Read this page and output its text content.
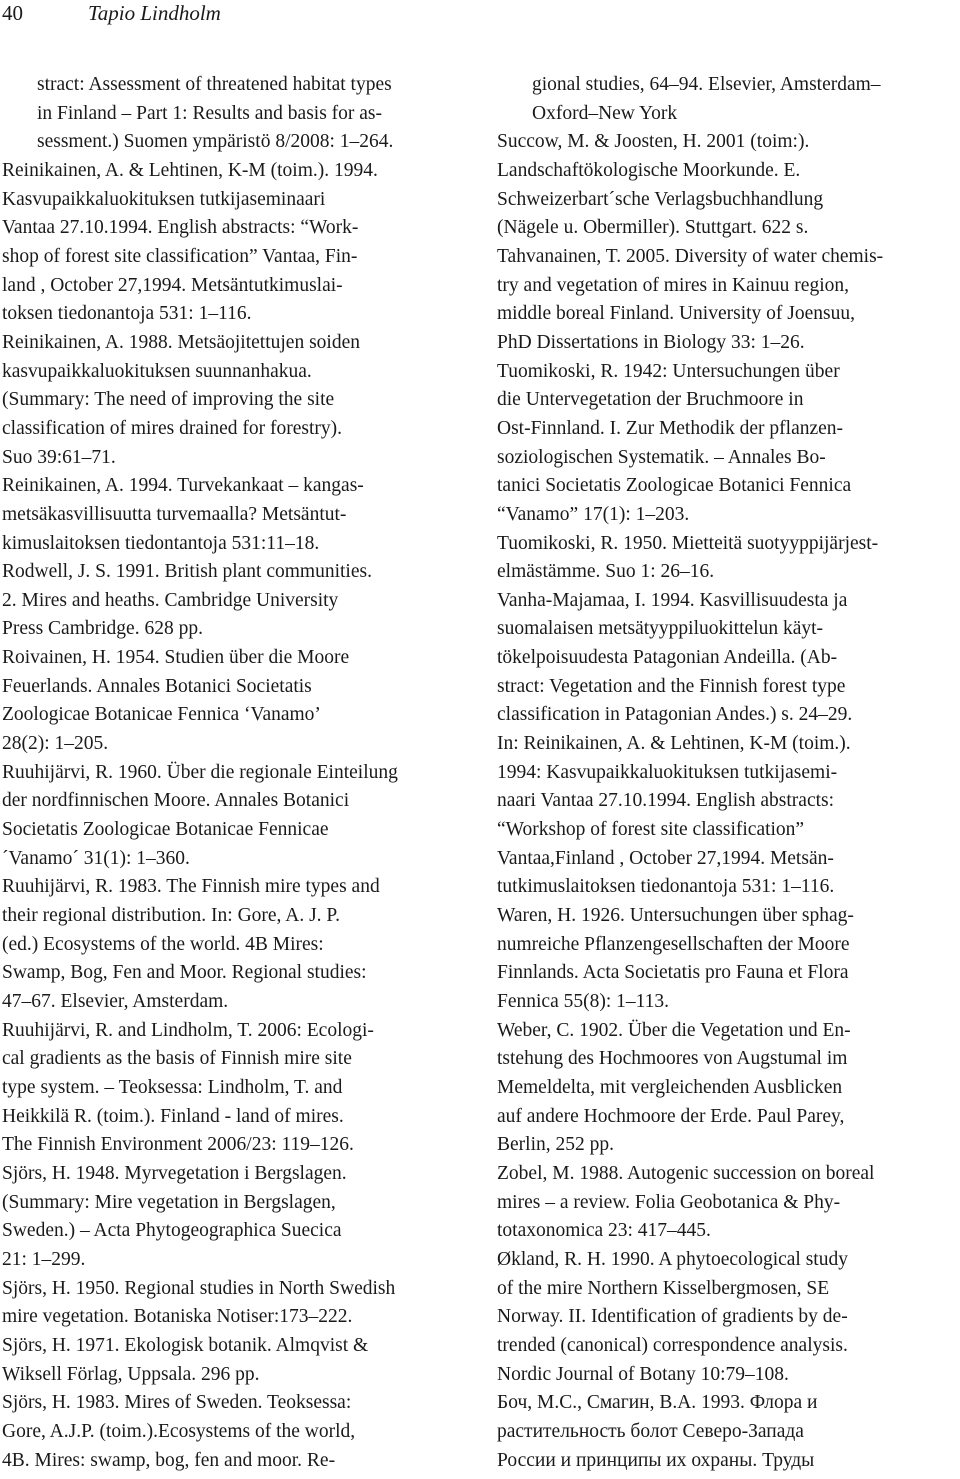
40	Tapio Lindholm
stract: Assessment of threatened habitat types
in Finland – Part 1: Results and basis for as-
sessment.) Suomen ympäristö 8/2008: 1–264.
Reinikainen, A. & Lehtinen, K-M (toim.). 1994.
Kasvupaikkaluokituksen tutkijaseminaari
Vantaa 27.10.1994. English abstracts: “Work-
shop of forest site classification” Vantaa, Fin-
land , October 27,1994. Metsäntutkimuslai-
toksen tiedonantoja 531: 1–116.
Reinikainen, A. 1988. Metsäojitettujen soiden
kasvupaikkaluokituksen suunnanhakua.
(Summary: The need of improving the site
classification of mires drained for forestry).
Suo 39:61–71.
Reinikainen, A. 1994. Turvekankaat – kangas-
metsäkasvillisuutta turvemaalla? Metsäntut-
kimuslaitoksen tiedontantoja 531:11–18.
Rodwell, J. S. 1991. British plant communities.
2. Mires and heaths. Cambridge University
Press Cambridge. 628 pp.
Roivainen, H. 1954. Studien über die Moore
Feuerlands. Annales Botanici Societatis
Zoologicae Botanicae Fennica ‘Vanamo’
28(2): 1–205.
Ruuhijärvi, R. 1960. Über die regionale Einteilung
der nordfinnischen Moore. Annales Botanici
Societatis Zoologicae Botanicae Fennicae
´Vanamo´ 31(1): 1–360.
Ruuhijärvi, R. 1983. The Finnish mire types and
their regional distribution. In: Gore, A. J. P.
(ed.) Ecosystems of the world. 4B Mires:
Swamp, Bog, Fen and Moor. Regional studies:
47–67. Elsevier, Amsterdam.
Ruuhijärvi, R. and Lindholm, T. 2006: Ecologi-
cal gradients as the basis of Finnish mire site
type system. – Teoksessa: Lindholm, T. and
Heikkilä R. (toim.). Finland - land of mires.
The Finnish Environment 2006/23: 119–126.
Sjörs, H. 1948. Myrvegetation i Bergslagen.
(Summary: Mire vegetation in Bergslagen,
Sweden.) – Acta Phytogeographica Suecica
21: 1–299.
Sjörs, H. 1950. Regional studies in North Swedish
mire vegetation. Botaniska Notiser:173–222.
Sjörs, H. 1971. Ekologisk botanik. Almqvist &
Wiksell Förlag, Uppsala. 296 pp.
Sjörs, H. 1983. Mires of Sweden. Teoksessa:
Gore, A.J.P. (toim.).Ecosystems of the world,
4B. Mires: swamp, bog, fen and moor. Re-
gional studies, 64–94. Elsevier, Amsterdam–
Oxford–New York
Succow, M. & Joosten, H. 2001 (toim:).
Landschaftökologische Moorkunde. E.
Schweizerbart´sche Verlagsbuchhandlung
(Nägele u. Obermiller). Stuttgart. 622 s.
Tahvanainen, T. 2005. Diversity of water chemis-
try and vegetation of mires in Kainuu region,
middle boreal Finland. University of Joensuu,
PhD Dissertations in Biology 33: 1–26.
Tuomikoski, R. 1942: Untersuchungen über
die Untervegetation der Bruchmoore in
Ost-Finnland. I. Zur Methodik der pflanzen-
soziologischen Systematik. – Annales Bo-
tanici Societatis Zoologicae Botanici Fennica
“Vanamo” 17(1): 1–203.
Tuomikoski, R. 1950. Mietteitä suotyyppijärjest-
elmästämme. Suo 1: 26–16.
Vanha-Majamaa, I. 1994. Kasvillisuudesta ja
suomalaisen metsätyyppiluokittelun käyt-
tökelpoisuudesta Patagonian Andeilla. (Ab-
stract: Vegetation and the Finnish forest type
classification in Patagonian Andes.) s. 24–29.
In: Reinikainen, A. & Lehtinen, K-M (toim.).
1994: Kasvupaikkaluokituksen tutkijasemi-
naari Vantaa 27.10.1994. English abstracts:
“Workshop of forest site classification”
Vantaa,Finland , October 27,1994. Metsän-
tutkimuslaitoksen tiedonantoja 531: 1–116.
Waren, H. 1926. Untersuchungen über sphag-
numreiche Pflanzengesellschaften der Moore
Finnlands. Acta Societatis pro Fauna et Flora
Fennica 55(8): 1–113.
Weber, C. 1902. Über die Vegetation und En-
tstehung des Hochmoores von Augstumal im
Memeldelta, mit vergleichenden Ausblicken
auf andere Hochmoore der Erde. Paul Parey,
Berlin, 252 pp.
Zobel, M. 1988. Autogenic succession on boreal
mires – a review. Folia Geobotanica & Phy-
totaxonomica 23: 417–445.
Økland, R. H. 1990. A phytoecological study
of the mire Northern Kisselbergmosen, SE
Norway. II. Identification of gradients by de-
trended (canonical) correspondence analysis.
Nordic Journal of Botany 10:79–108.
Боч, М.С., Смагин, В.А. 1993. Флора и
растительность болот Северо-Запада
России и принципы их охраны. Труды
